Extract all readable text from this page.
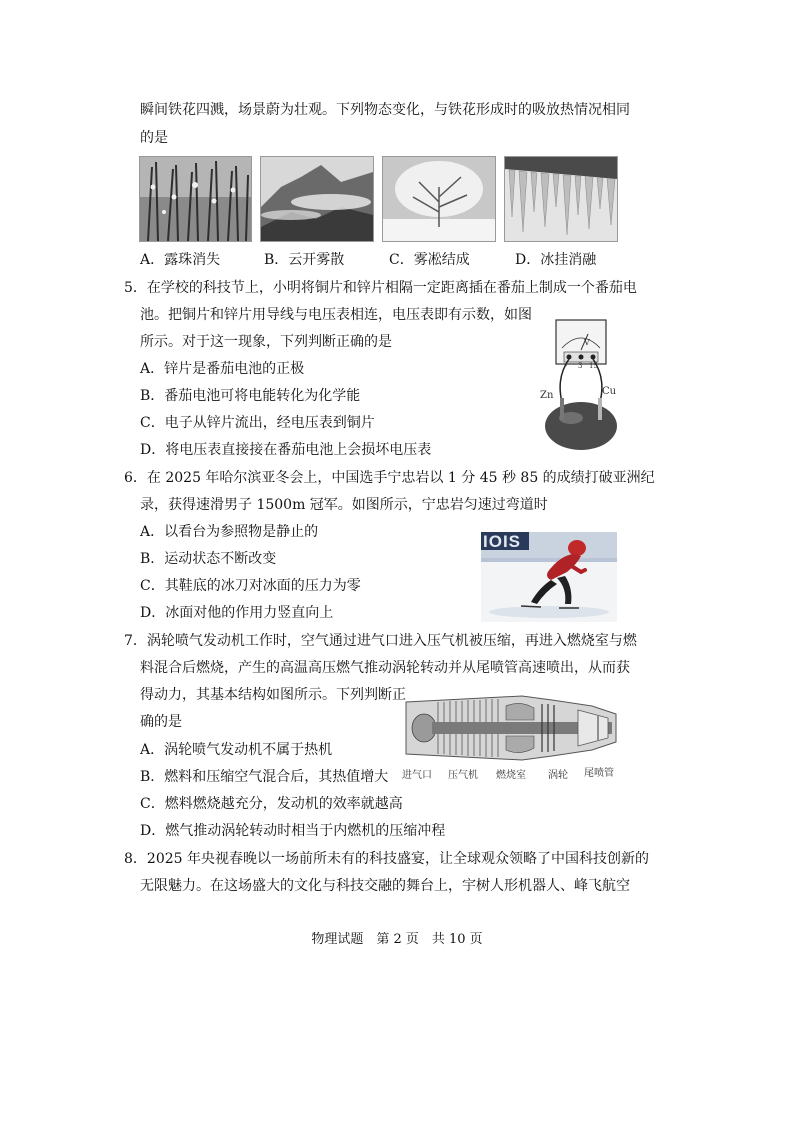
瞬间铁花四溅，场景蔚为壮观。下列物态变化，与铁花形成时的吸放热情况相同
的是
A．露珠消失	B．云开雾散	C．雾凇结成	D．冰挂消融
5．在学校的科技节上，小明将铜片和锌片相隔一定距离插在番茄上制成一个番茄电
池。把铜片和锌片用导线与电压表相连，电压表即有示数，如图
所示。对于这一现象，下列判断正确的是
A．锌片是番茄电池的正极
B．番茄电池可将电能转化为化学能
C．电子从锌片流出，经电压表到铜片
D．将电压表直接接在番茄电池上会损坏电压表
V
- 3 15
Zn	Cu
6．在 2025 年哈尔滨亚冬会上，中国选手宁忠岩以 1 分 45 秒 85 的成绩打破亚洲纪
录，获得速滑男子 1500m 冠军。如图所示，宁忠岩匀速过弯道时
A．以看台为参照物是静止的
B．运动状态不断改变
C．其鞋底的冰刀对冰面的压力为零
D．冰面对他的作用力竖直向上
IOIS
7．涡轮喷气发动机工作时，空气通过进气口进入压气机被压缩，再进入燃烧室与燃
料混合后燃烧，产生的高温高压燃气推动涡轮转动并从尾喷管高速喷出，从而获
得动力，其基本结构如图所示。下列判断正
确的是
A．涡轮喷气发动机不属于热机
B．燃料和压缩空气混合后，其热值增大
C．燃料燃烧越充分，发动机的效率就越高
D．燃气推动涡轮转动时相当于内燃机的压缩冲程
进气口 压气机 燃烧室 涡轮 尾喷管
8．2025 年央视春晚以一场前所未有的科技盛宴，让全球观众领略了中国科技创新的
无限魅力。在这场盛大的文化与科技交融的舞台上，宇树人形机器人、峰飞航空
物理试题　第 2 页　共 10 页
